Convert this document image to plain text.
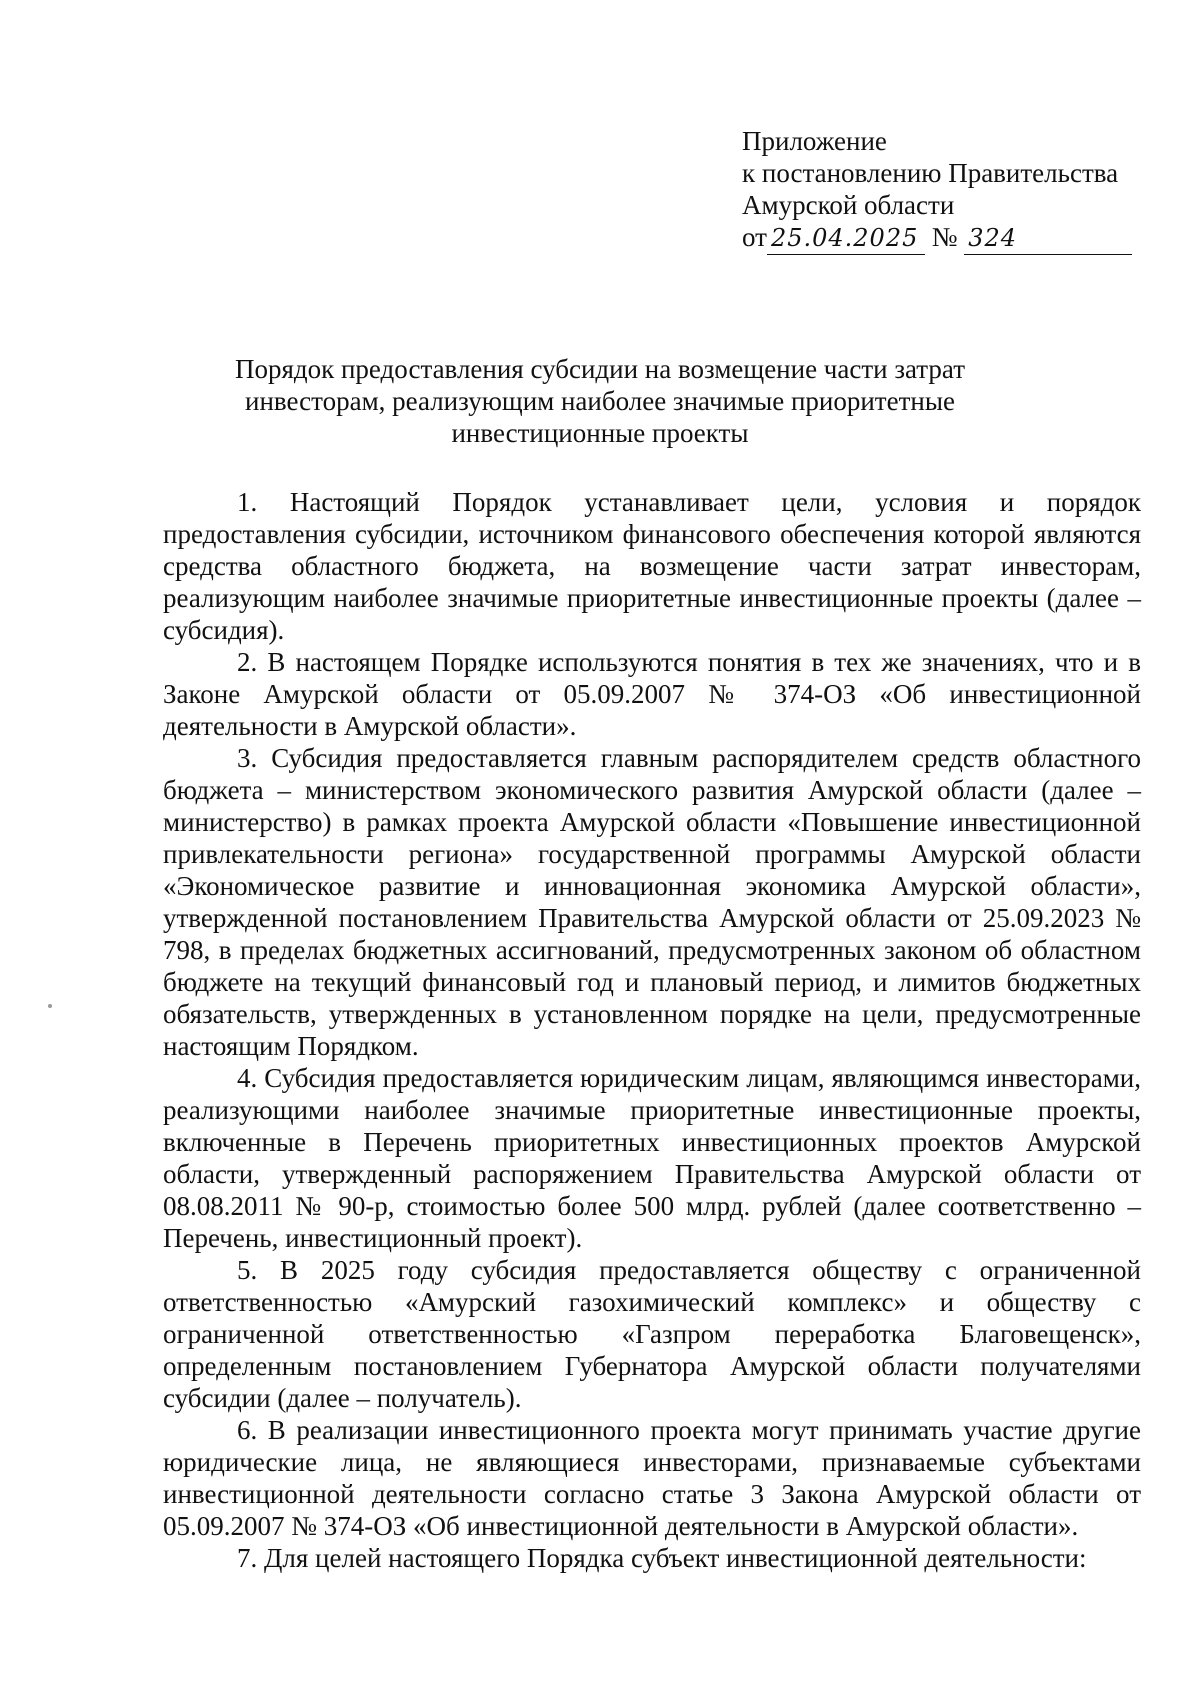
Приложение
к постановлению Правительства
Амурской области
от 25.04.2025 № 324
Порядок предоставления субсидии на возмещение части затрат
инвесторам, реализующим наиболее значимые приоритетные
инвестиционные проекты

1. Настоящий Порядок устанавливает цели, условия и порядок предоставления субсидии, источником финансового обеспечения которой являются средства областного бюджета, на возмещение части затрат инвесторам, реализующим наиболее значимые приоритетные инвестиционные проекты (далее – субсидия).

2. В настоящем Порядке используются понятия в тех же значениях, что и в Законе Амурской области от 05.09.2007 № 374-ОЗ «Об инвестиционной деятельности в Амурской области».

3. Субсидия предоставляется главным распорядителем средств областного бюджета – министерством экономического развития Амурской области (далее – министерство) в рамках проекта Амурской области «Повышение инвестиционной привлекательности региона» государственной программы Амурской области «Экономическое развитие и инновационная экономика Амурской области», утвержденной постановлением Правительства Амурской области от 25.09.2023 № 798, в пределах бюджетных ассигнований, предусмотренных законом об областном бюджете на текущий финансовый год и плановый период, и лимитов бюджетных обязательств, утвержденных в установленном порядке на цели, предусмотренные настоящим Порядком.

4. Субсидия предоставляется юридическим лицам, являющимся инвесторами, реализующими наиболее значимые приоритетные инвестиционные проекты, включенные в Перечень приоритетных инвестиционных проектов Амурской области, утвержденный распоряжением Правительства Амурской области от 08.08.2011 № 90-р, стоимостью более 500 млрд. рублей (далее соответственно – Перечень, инвестиционный проект).

5. В 2025 году субсидия предоставляется обществу с ограниченной ответственностью «Амурский газохимический комплекс» и обществу с ограниченной ответственностью «Газпром переработка Благовещенск», определенным постановлением Губернатора Амурской области получателями субсидии (далее – получатель).

6. В реализации инвестиционного проекта могут принимать участие другие юридические лица, не являющиеся инвесторами, признаваемые субъектами инвестиционной деятельности согласно статье 3 Закона Амурской области от 05.09.2007 № 374-ОЗ «Об инвестиционной деятельности в Амурской области».

7. Для целей настоящего Порядка субъект инвестиционной деятельности:
